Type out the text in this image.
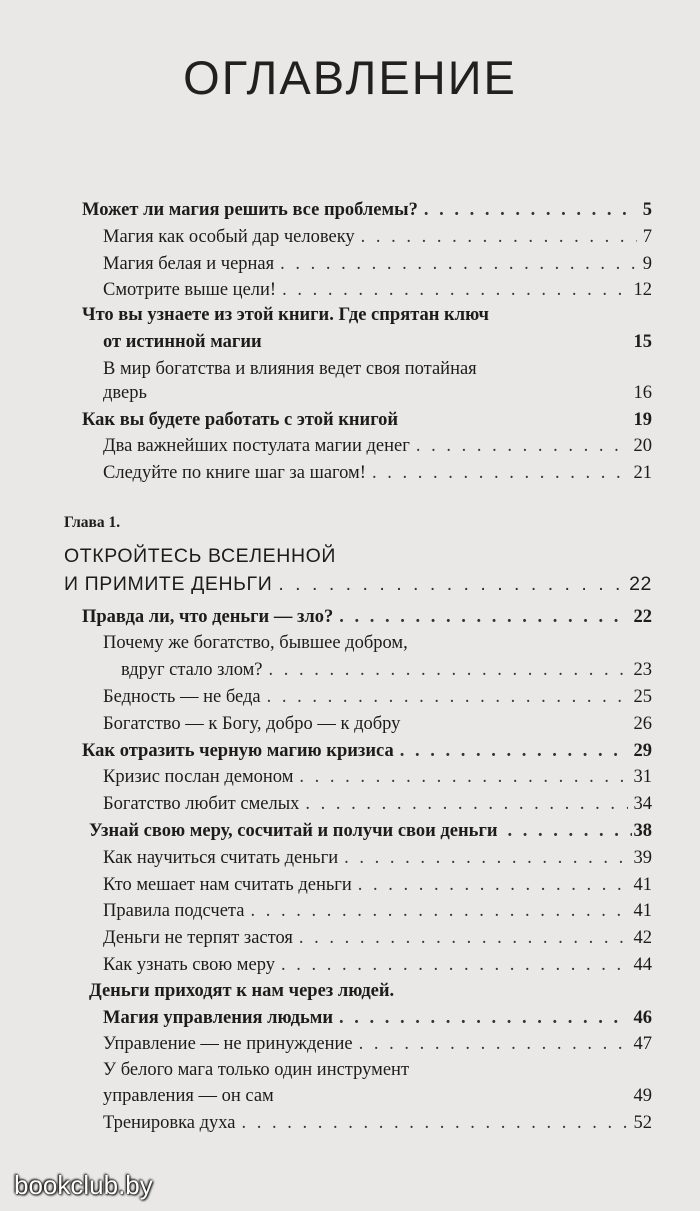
ОГЛАВЛЕНИЕ
Может ли магия решить все проблемы? . . .	5
Магия как особый дар человеку . . .	7
Магия белая и черная . . .	9
Смотрите выше цели! . . .	12
Что вы узнаете из этой книги. Где спрятан ключ
от истинной магии	15
В мир богатства и влияния ведет своя потайная
дверь	16
Как вы будете работать с этой книгой	19
Два важнейших постулата магии денег . . .	20
Следуйте по книге шаг за шагом! . . .	21
Глава 1.
ОТКРОЙТЕСЬ ВСЕЛЕННОЙ
И ПРИМИТЕ ДЕНЬГИ . . .	22
Правда ли, что деньги — зло? . . .	22
Почему же богатство, бывшее добром,
вдруг стало злом? . . .	23
Бедность — не беда . . .	25
Богатство — к Богу, добро — к добру	26
Как отразить черную магию кризиса . . .	29
Кризис послан демоном . . .	31
Богатство любит смелых . . .	34
Узнай свою меру, сосчитай и получи свои деньги . . .	38
Как научиться считать деньги . . .	39
Кто мешает нам считать деньги . . .	41
Правила подсчета . . .	41
Деньги не терпят застоя . . .	42
Как узнать свою меру . . .	44
Деньги приходят к нам через людей.
Магия управления людьми . . .	46
Управление — не принуждение . . .	47
У белого мага только один инструмент
управления — он сам	49
Тренировка духа . . .	52
bookclub.by
